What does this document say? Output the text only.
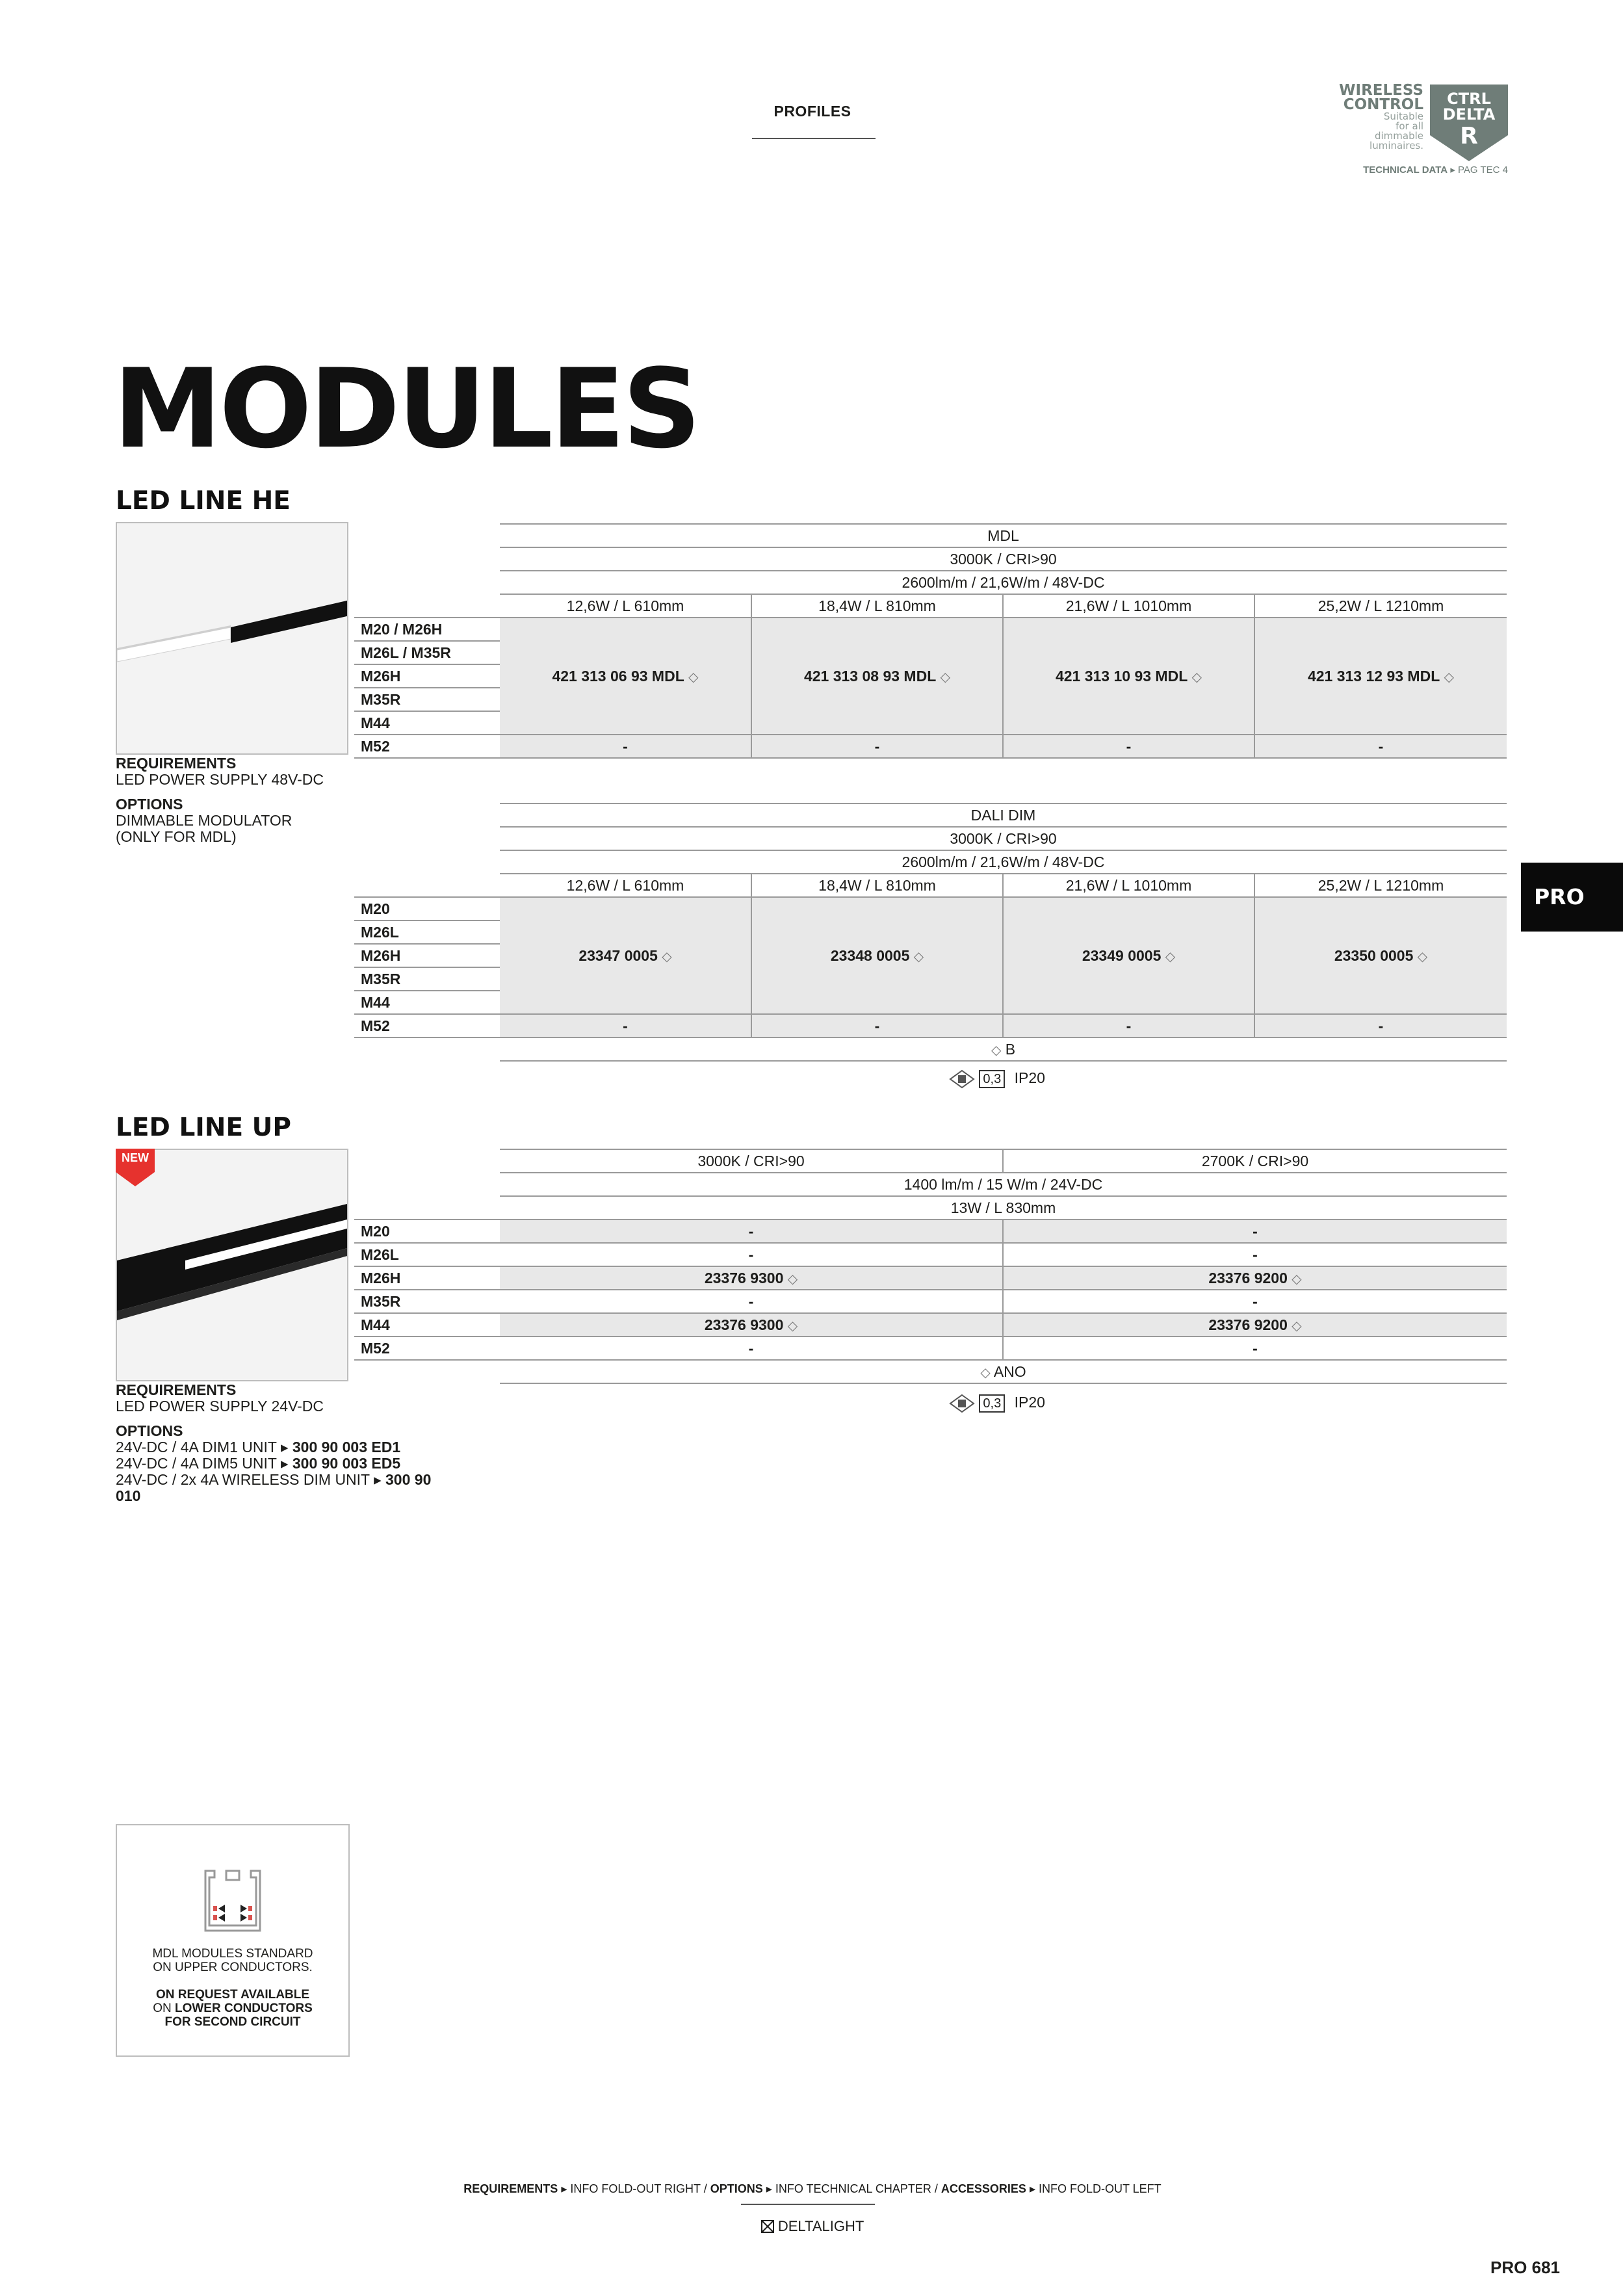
PROFILES
WIRELESS
CONTROL
Suitable
for all
dimmable
luminaires.
CTRL
DELTA
R
TECHNICAL DATA ▸ PAG TEC 4
MODULES
PRO
LED LINE HE
REQUIREMENTS
LED POWER SUPPLY 48V-DC
OPTIONS
DIMMABLE MODULATOR
(ONLY FOR MDL)
	MDL			
	3000K / CRI>90			
	2600lm/m / 21,6W/m / 48V-DC			
	12,6W / L 610mm	18,4W / L 810mm	21,6W / L 1010mm	25,2W / L 1210mm
M20 / M26H	421 313 06 93 MDL ◇	421 313 08 93 MDL ◇	421 313 10 93 MDL ◇	421 313 12 93 MDL ◇
M26L / M35R				
M26H				
M35R				
M44				
M52	-	-	-	-
	DALI DIM			
	3000K / CRI>90			
	2600lm/m / 21,6W/m / 48V-DC			
	12,6W / L 610mm	18,4W / L 810mm	21,6W / L 1010mm	25,2W / L 1210mm
M20	23347 0005 ◇	23348 0005 ◇	23349 0005 ◇	23350 0005 ◇
M26L				
M26H				
M35R				
M44				
M52	-	-	-	-
	◇ B			
0,3 IP20
LED LINE UP
NEW
REQUIREMENTS
LED POWER SUPPLY 24V-DC
OPTIONS
24V-DC / 4A DIM1 UNIT ▸ 300 90 003 ED1
24V-DC / 4A DIM5 UNIT ▸ 300 90 003 ED5
24V-DC / 2x 4A WIRELESS DIM UNIT ▸ 300 90 010
	3000K / CRI>90	2700K / CRI>90
	1400 lm/m / 15 W/m / 24V-DC	
	13W / L 830mm	
M20	-	-
M26L	-	-
M26H	23376 9300 ◇	23376 9200 ◇
M35R	-	-
M44	23376 9300 ◇	23376 9200 ◇
M52	-	-
	◇ ANO	
0,3 IP20
MDL MODULES STANDARD
ON UPPER CONDUCTORS.
ON REQUEST AVAILABLE
ON LOWER CONDUCTORS
FOR SECOND CIRCUIT
REQUIREMENTS ▸ INFO FOLD-OUT RIGHT / OPTIONS ▸ INFO TECHNICAL CHAPTER / ACCESSORIES ▸ INFO FOLD-OUT LEFT
DELTALIGHT
PRO 681
